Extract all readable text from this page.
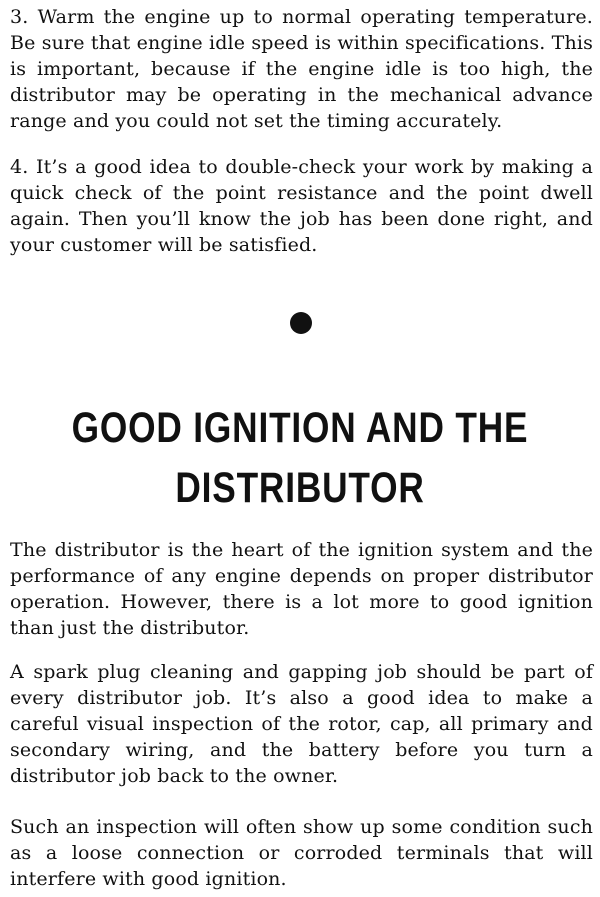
3. Warm the engine up to normal operating temperature. Be sure that engine idle speed is within specifications. This is important, because if the engine idle is too high, the distributor may be operating in the mechanical advance range and you could not set the timing accurately.

4. It’s a good idea to double-check your work by making a quick check of the point resistance and the point dwell again. Then you’ll know the job has been done right, and your customer will be satisfied.

GOOD IGNITION AND THE
DISTRIBUTOR

The distributor is the heart of the ignition system and the performance of any engine depends on proper distributor operation. However, there is a lot more to good ignition than just the distributor.

A spark plug cleaning and gapping job should be part of every distributor job. It’s also a good idea to make a careful visual inspection of the rotor, cap, all primary and secondary wiring, and the battery before you turn a distributor job back to the owner.

Such an inspection will often show up some condition such as a loose connection or corroded terminals that will interfere with good ignition.
